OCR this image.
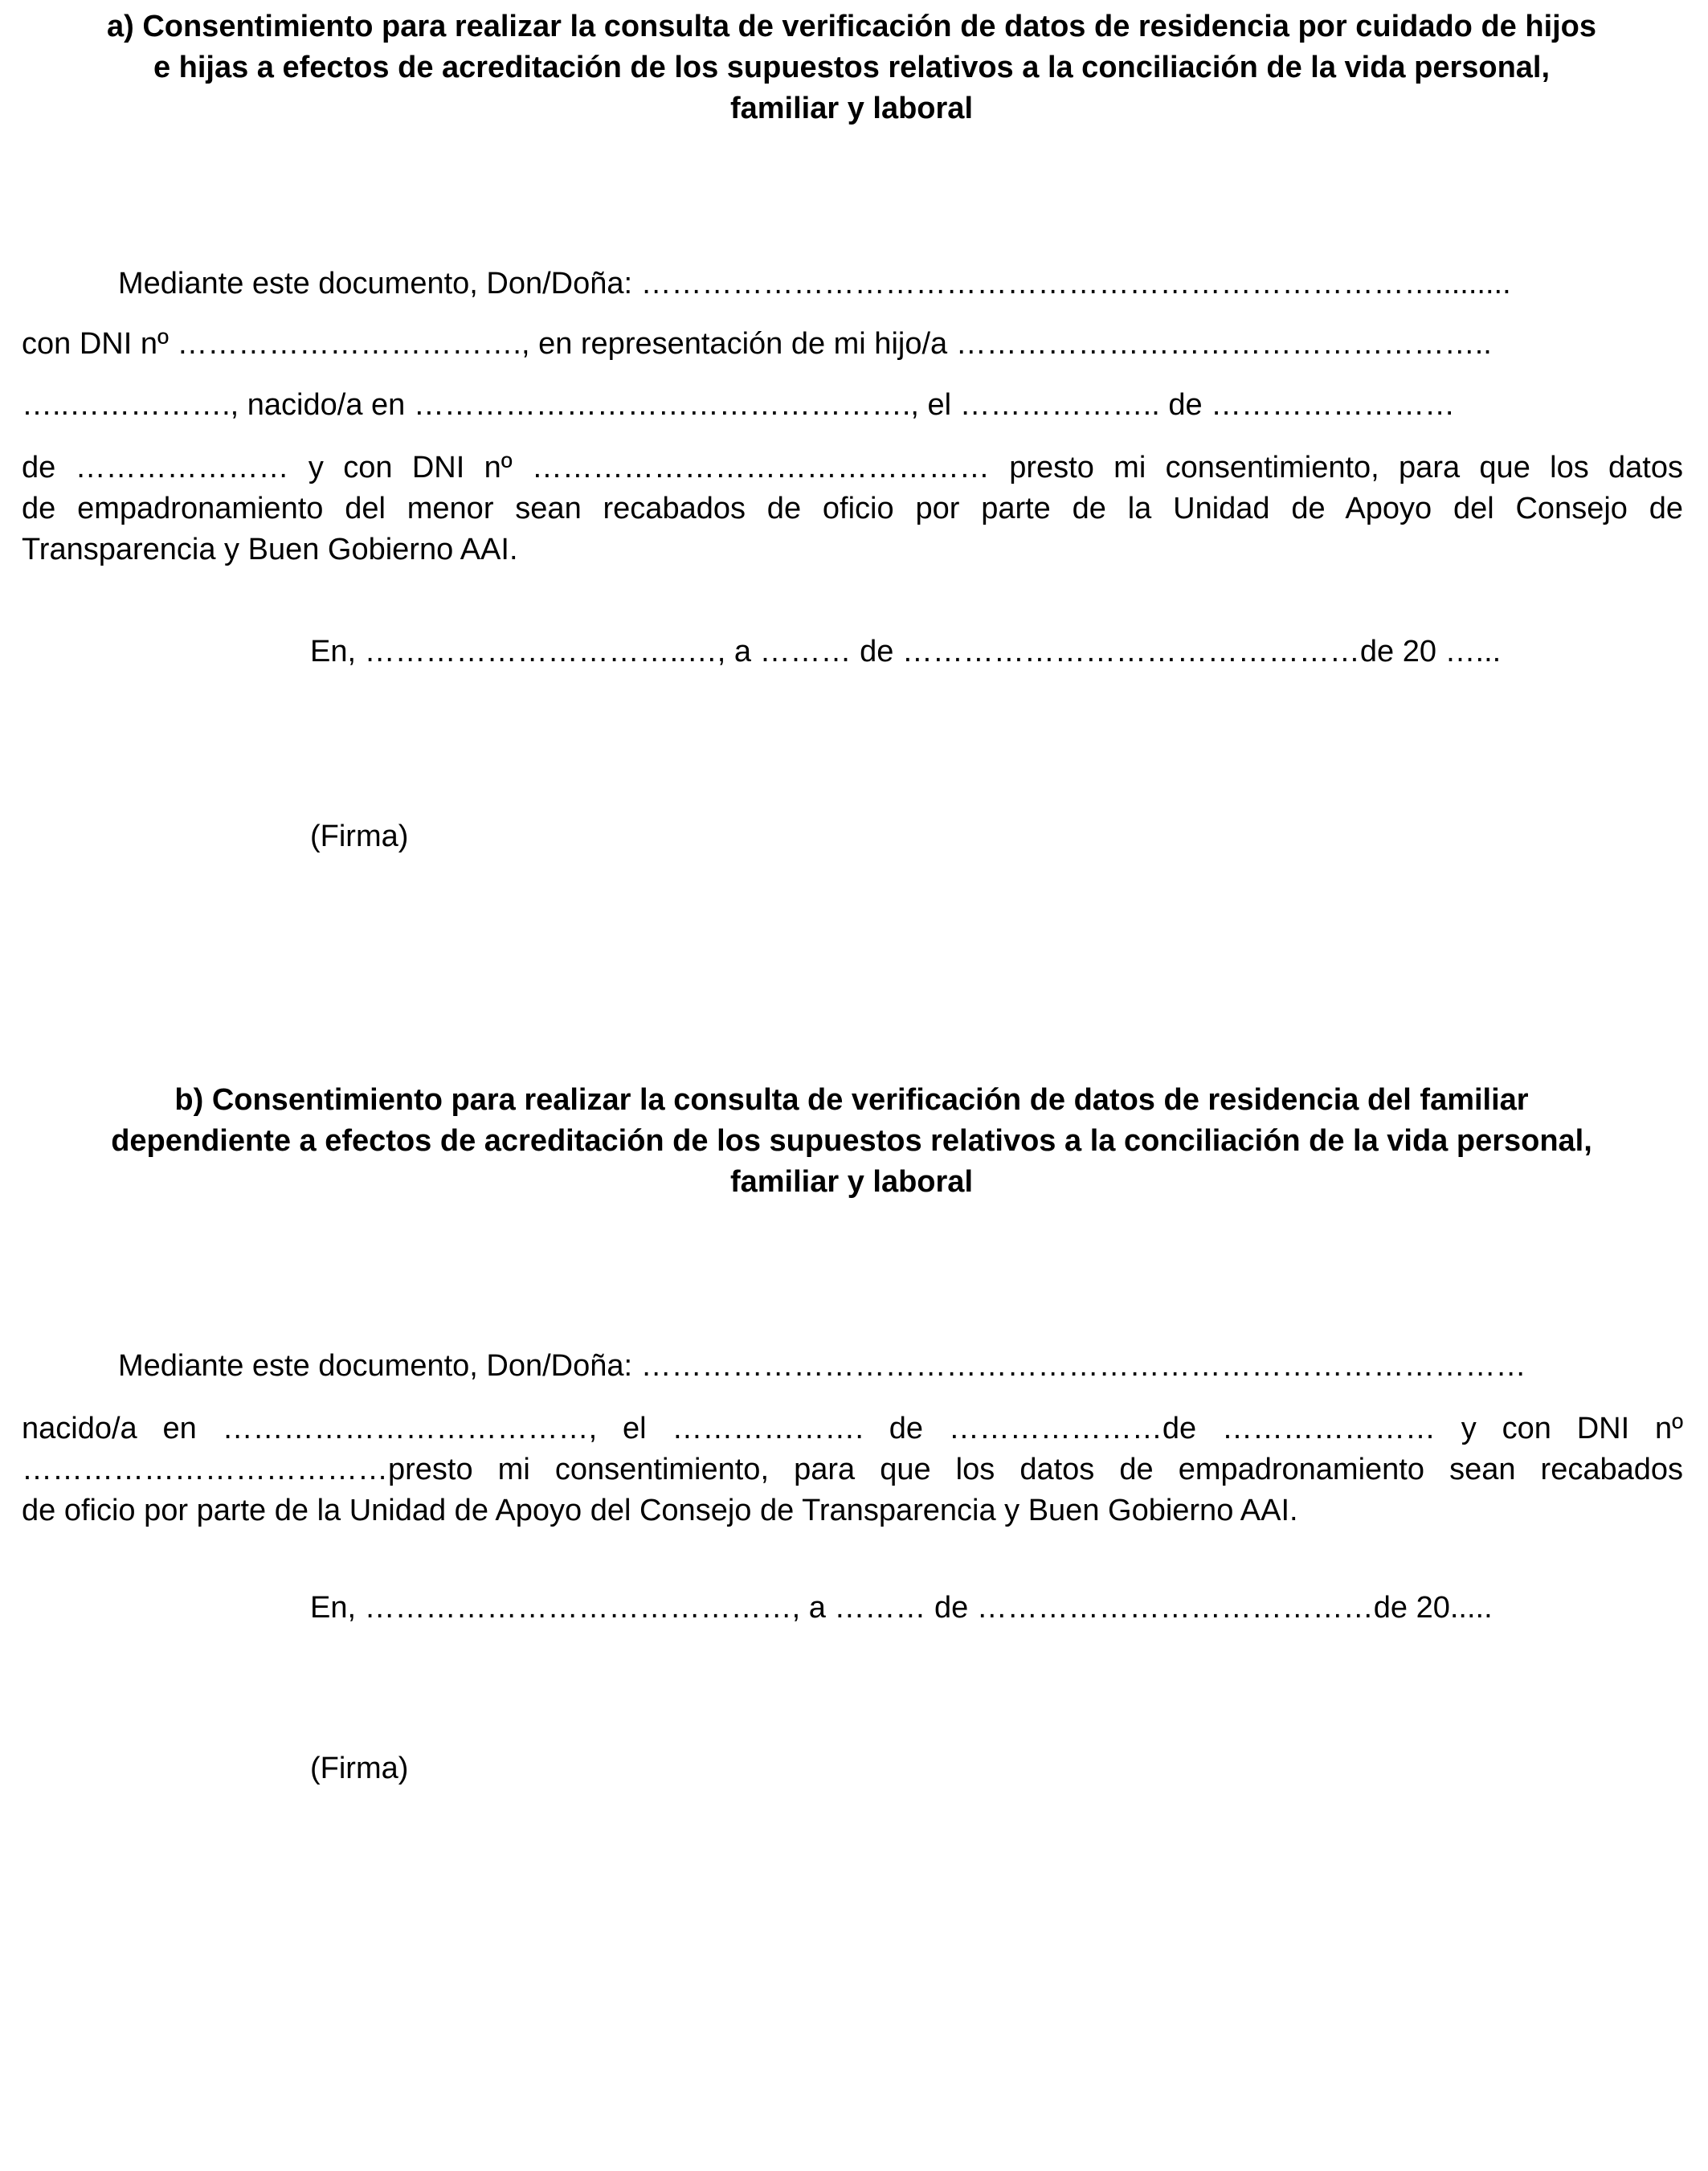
a) Consentimiento para realizar la consulta de verificación de datos de residencia por cuidado de hijos
e hijas a efectos de acreditación de los supuestos relativos a la conciliación de la vida personal,
familiar y laboral

Mediante este documento, Don/Doña: …………………………………………………………………….........

con DNI nº ……………………………., en representación de mi hijo/a ……………………………………………..

…..……………., nacido/a en …………………………………………., el ……………….. de ……………………

de ………………… y con DNI nº ……………………………………… presto mi consentimiento, para que los datos
de empadronamiento del menor sean recabados de oficio por parte de la Unidad de Apoyo del Consejo de
Transparencia y Buen Gobierno AAI.

En, …………………………..…, a ……… de ………………………………………de 20 …...

(Firma)

b) Consentimiento para realizar la consulta de verificación de datos de residencia del familiar
dependiente a efectos de acreditación de los supuestos relativos a la conciliación de la vida personal,
familiar y laboral

Mediante este documento, Don/Doña: ……………………………………………………………………………

nacido/a en ………………………………, el ………………. de …………………de ………………… y con DNI nº
………………………………presto mi consentimiento, para que los datos de empadronamiento sean recabados
de oficio por parte de la Unidad de Apoyo del Consejo de Transparencia y Buen Gobierno AAI.

En, ……………………………………, a ……… de …………………………………de 20.....

(Firma)
